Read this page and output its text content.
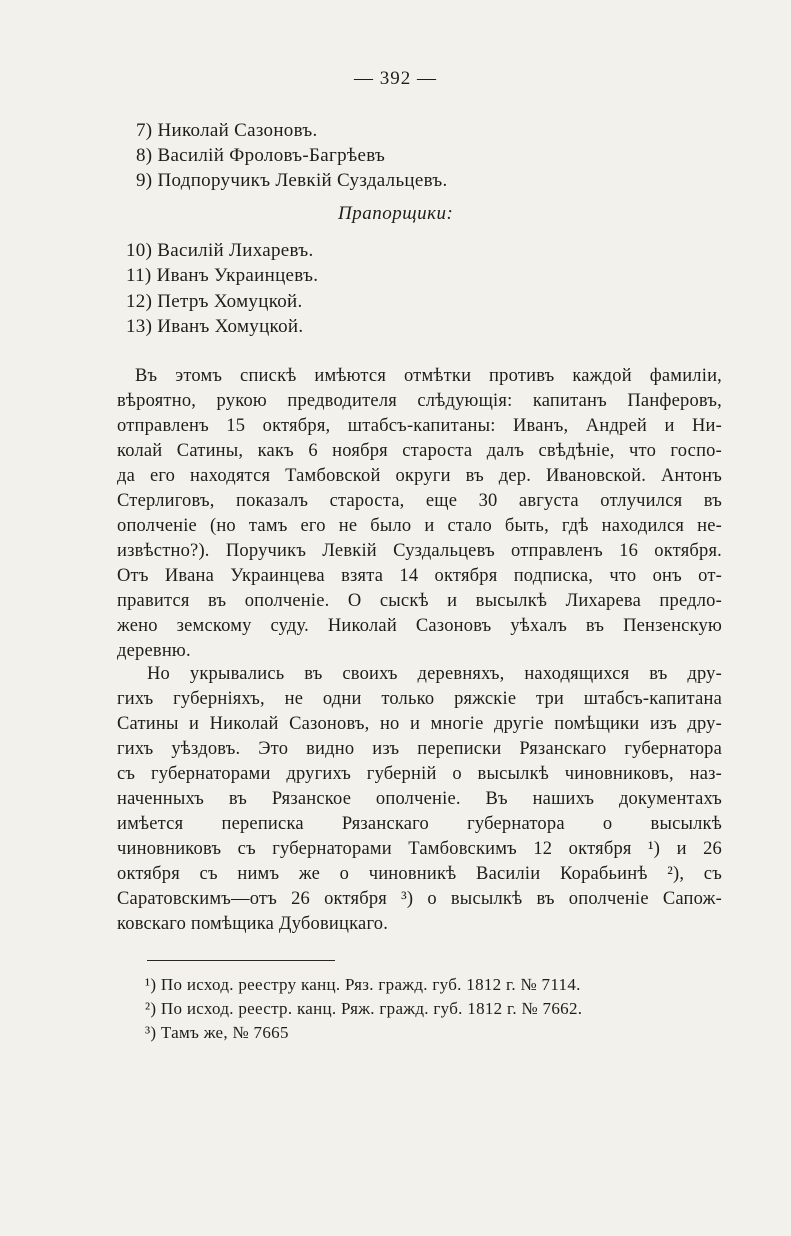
— 392 —
7) Николай Сазоновъ.
8) Василій Фроловъ-Багрѣевъ
9) Подпоручикъ Левкій Суздальцевъ.
Прапорщики:
10) Василій Лихаревъ.
11) Иванъ Украинцевъ.
12) Петръ Хомуцкой.
13) Иванъ Хомуцкой.
Въ этомъ спискѣ имѣются отмѣтки противъ каждой фамиліи,
вѣроятно, рукою предводителя слѣдующія: капитанъ Панферовъ,
отправленъ 15 октября, штабсъ-капитаны: Иванъ, Андрей и Ни-
колай Сатины, какъ 6 ноября староста далъ свѣдѣніе, что госпо-
да его находятся Тамбовской округи въ дер. Ивановской. Антонъ
Стерлиговъ, показалъ староста, еще 30 августа отлучился въ
ополченіе (но тамъ его не было и стало быть, гдѣ находился не-
извѣстно?). Поручикъ Левкій Суздальцевъ отправленъ 16 октября.
Отъ Ивана Украинцева взята 14 октября подписка, что онъ от-
правится въ ополченіе. О сыскѣ и высылкѣ Лихарева предло-
жено земскому суду. Николай Сазоновъ уѣхалъ въ Пензенскую
деревню.
Но укрывались въ своихъ деревняхъ, находящихся въ дру-
гихъ губерніяхъ, не одни только ряжскіе три штабсъ-капитана
Сатины и Николай Сазоновъ, но и многіе другіе помѣщики изъ дру-
гихъ уѣздовъ. Это видно изъ переписки Рязанскаго губернатора
съ губернаторами другихъ губерній о высылкѣ чиновниковъ, наз-
наченныхъ въ Рязанское ополченіе. Въ нашихъ документахъ
имѣется переписка Рязанскаго губернатора о высылкѣ
чиновниковъ съ губернаторами Тамбовскимъ 12 октября ¹) и 26
октября съ нимъ же о чиновникѣ Василіи Корабьинѣ ²), съ
Саратовскимъ—отъ 26 октября ³) о высылкѣ въ ополченіе Сапож-
ковскаго помѣщика Дубовицкаго.
¹) По исход. реестру канц. Ряз. гражд. губ. 1812 г. № 7114.
²) По исход. реестр. канц. Ряж. гражд. губ. 1812 г. № 7662.
³) Тамъ же, № 7665
